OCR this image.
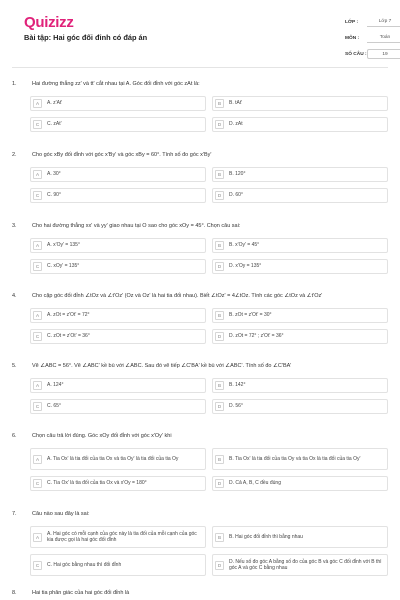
Quizizz
Bài tập: Hai góc đối đỉnh có đáp án
LỚP :	Lớp 7
MÔN :	Toán
SỐ CÂU :	19
1.	Hai đường thẳng zz' và tt' cắt nhau tại A. Góc đối đỉnh với góc zAt là:
A	A. z'At'	B	B. tAt'
C	C. zAt'	D	D. zAt
2.	Cho góc xBy đối đỉnh với góc x'By' và góc xBy = 60°. Tính số đo góc x'By'
A	A. 30°	B	B. 120°
C	C. 90°	D	D. 60°
3.	Cho hai đường thẳng xx' và yy' giao nhau tại O sao cho góc xOy = 45°. Chọn câu sai:
A	A. x'Oy' = 135°	B	B. x'Oy' = 45°
C	C. xOy' = 135°	D	D. x'Oy = 135°
4.	Cho cặp góc đối đỉnh ∠tOz và ∠t'Oz' (Oz và Oz' là hai tia đối nhau). Biết ∠tOz' = 4∠tOz. Tính các góc ∠tOz và ∠t'Oz'
A	A. zOt = z'Ot' = 72°	B	B. zOt = z'Ot' = 30°
C	C. zOt = z'Ot' = 36°	D	D. zOt = 72° ; z'Ot' = 36°
5.	Vẽ ∠ABC = 56°. Vẽ ∠ABC' kề bù với ∠ABC. Sau đó vẽ tiếp ∠C'BA' kề bù với ∠ABC'. Tính số đo ∠C'BA'
A	A. 124°	B	B. 142°
C	C. 65°	D	D. 56°
6.	Chọn câu trả lời đúng. Góc xOy đối đỉnh với góc x'Oy' khi
A	A. Tia Ox' là tia đối của tia Ox và tia Oy' là tia đối của tia Oy	B	B. Tia Ox' là tia đối của tia Oy và tia Ox là tia đối của tia Oy'
C	C. Tia Ox' là tia đối của tia Ox và x'Oy = 180°	D	D. Cả A, B, C đều đúng
7.	Câu nào sau đây là sai:
A
A. Hai góc có mỗi cạnh của góc này là tia đối của mỗi cạnh của góc kia được gọi là hai góc đối đỉnh	B	B. Hai góc đối đỉnh thì bằng nhau
C	C. Hai góc bằng nhau thì đối đỉnh	D
D. Nếu số đo góc A bằng số đo của góc B và góc C đối đỉnh với B thì góc A và góc C bằng nhau
8.	Hai tia phân giác của hai góc đối đỉnh là
